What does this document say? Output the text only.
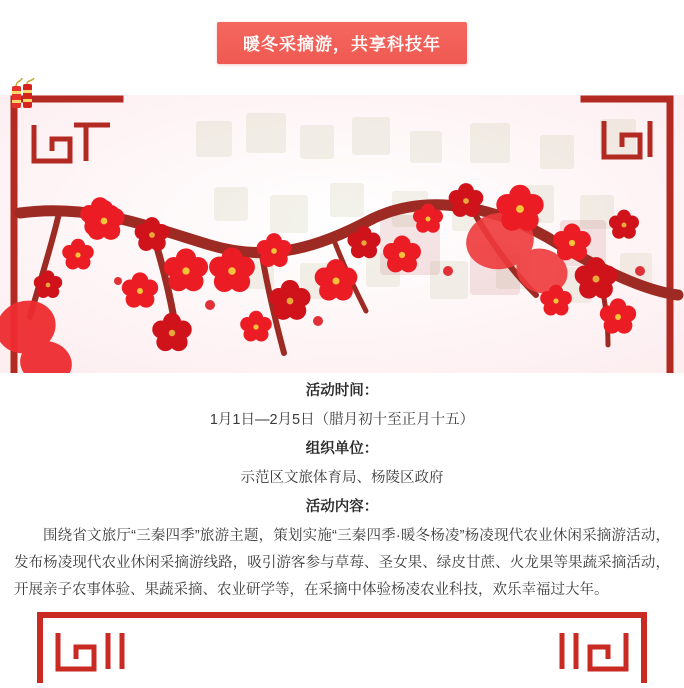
暖冬采摘游，共享科技年

活动时间：

1月1日—2月5日（腊月初十至正月十五）

组织单位：

示范区文旅体育局、杨陵区政府

活动内容：

围绕省文旅厅“三秦四季”旅游主题，策划实施“三秦四季·暖冬杨凌”杨凌现代农业休闲采摘游活动，发布杨凌现代农业休闲采摘游线路，吸引游客参与草莓、圣女果、绿皮甘蔗、火龙果等果蔬采摘活动，开展亲子农事体验、果蔬采摘、农业研学等，在采摘中体验杨凌农业科技，欢乐幸福过大年。
